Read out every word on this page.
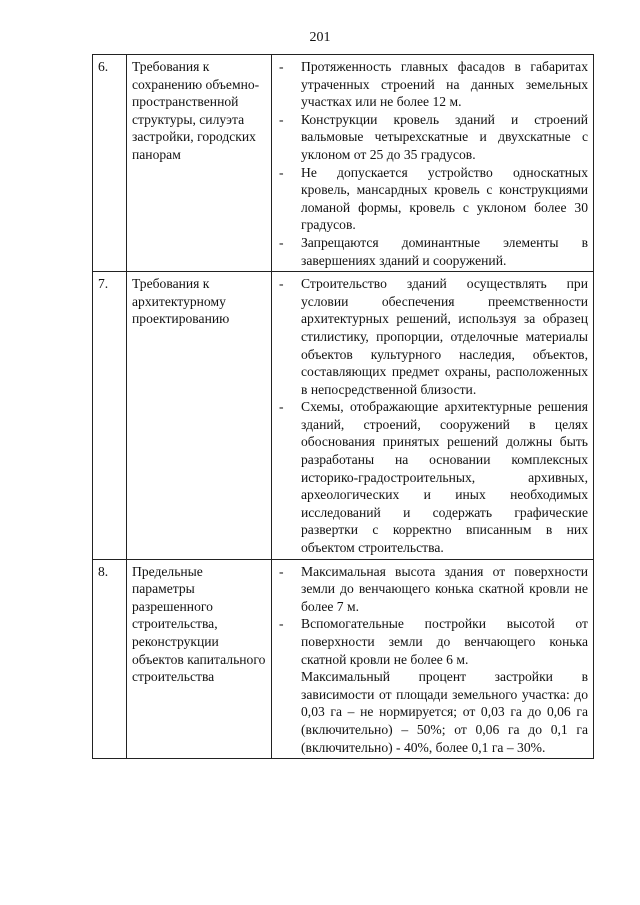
201
6.	Требования к сохранению объемно-пространственной структуры, силуэта застройки, городских панорам	- Протяженность главных фасадов в габаритах утраченных строений на данных земельных участках или не более 12 м.
- Конструкции кровель зданий и строений вальмовые четырехскатные и двухскатные с уклоном от 25 до 35 градусов.
- Не допускается устройство односкатных кровель, мансардных кровель с конструкциями ломаной формы, кровель с уклоном более 30 градусов.
- Запрещаются доминантные элементы в завершениях зданий и сооружений.

7.	Требования к архитектурному проектированию	- Строительство зданий осуществлять при условии обеспечения преемственности архитектурных решений, используя за образец стилистику, пропорции, отделочные материалы объектов культурного наследия, объектов, составляющих предмет охраны, расположенных в непосредственной близости.
- Схемы, отображающие архитектурные решения зданий, строений, сооружений в целях обоснования принятых решений должны быть разработаны на основании комплексных историко-градостроительных, архивных, археологических и иных необходимых исследований и содержать графические развертки с корректно вписанным в них объектом строительства.

8.	Предельные параметры разрешенного строительства, реконструкции объектов капитального строительства	- Максимальная высота здания от поверхности земли до венчающего конька скатной кровли не более 7 м.
- Вспомогательные постройки высотой от поверхности земли до венчающего конька скатной кровли не более 6 м.
Максимальный процент застройки в зависимости от площади земельного участка: до 0,03 га – не нормируется; от 0,03 га до 0,06 га (включительно) – 50%; от 0,06 га до 0,1 га (включительно) - 40%, более 0,1 га – 30%.
